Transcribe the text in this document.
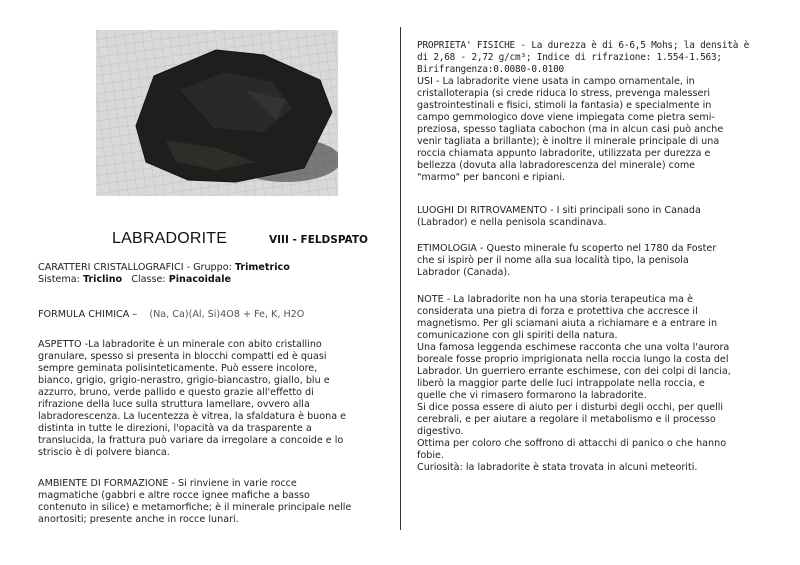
LABRADORITE	VIII - FELDSPATO

CARATTERI CRISTALLOGRAFICI - Gruppo: Trimetrico

Sistema: Triclino   Classe: Pinacoidale

FORMULA CHIMICA – (Na, Ca)(Al, Si)4O8 + Fe, K, H2O

ASPETTO -La labradorite è un minerale con abito cristallino

granulare, spesso si presenta in blocchi compatti ed è quasi

sempre geminata polisinteticamente. Può essere incolore,

bianco, grigio, grigio-nerastro, grigio-biancastro, giallo, blu e

azzurro, bruno, verde pallido e questo grazie all'effetto di

rifrazione della luce sulla struttura lamellare, ovvero alla

labradorescenza. La lucentezza è vitrea, la sfaldatura è buona e

distinta in tutte le direzioni, l'opacità va da trasparente a

translucida, la frattura può variare da irregolare a concoide e lo

striscio è di polvere bianca.

AMBIENTE DI FORMAZIONE - Si rinviene in varie rocce

magmatiche (gabbri e altre rocce ignee mafiche a basso

contenuto in silice) e metamorfiche; è il minerale principale nelle

anortositi; presente anche in rocce lunari.

PROPRIETA' FISICHE - La durezza è di 6-6,5 Mohs; la densità è

di 2,68 - 2,72 g/cm³; Indice di rifrazione: 1.554-1.563;

Birifrangenza:0.0080-0.0100

USI - La labradorite viene usata in campo ornamentale, in

cristalloterapia (si crede riduca lo stress, prevenga malesseri

gastrointestinali e fisici, stimoli la fantasia) e specialmente in

campo gemmologico dove viene impiegata come pietra semi-

preziosa, spesso tagliata cabochon (ma in alcun casi può anche

venir tagliata a brillante); è inoltre il minerale principale di una

roccia chiamata appunto labradorite, utilizzata per durezza e

bellezza (dovuta alla labradorescenza del minerale) come

"marmo" per banconi e ripiani.

LUOGHI DI RITROVAMENTO - I siti principali sono in Canada

(Labrador) e nella penisola scandinava.

ETIMOLOGIA - Questo minerale fu scoperto nel 1780 da Foster

che si ispirò per il nome alla sua località tipo, la penisola

Labrador (Canada).

NOTE - La labradorite non ha una storia terapeutica ma è

considerata una pietra di forza e protettiva che accresce il

magnetismo. Per gli sciamani aiuta a richiamare e a entrare in

comunicazione con gli spiriti della natura.

Una famosa leggenda eschimese racconta che una volta l'aurora

boreale fosse proprio imprigionata nella roccia lungo la costa del

Labrador. Un guerriero errante eschimese, con dei colpi di lancia,

liberò la maggior parte delle luci intrappolate nella roccia, e

quelle che vi rimasero formarono la labradorite.

Si dice possa essere di aiuto per i disturbi degli occhi, per quelli

cerebrali, e per aiutare a regolare il metabolismo e il processo

digestivo.

Ottima per coloro che soffrono di attacchi di panico o che hanno

fobie.

Curiosità: la labradorite è stata trovata in alcuni meteoriti.
